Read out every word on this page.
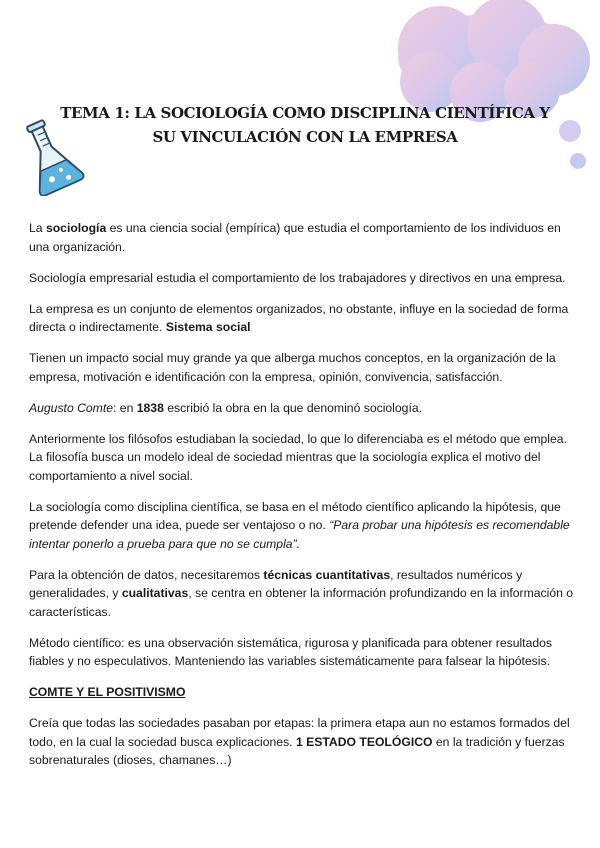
TEMA 1: LA SOCIOLOGÍA COMO DISCIPLINA CIENTÍFICA Y
SU VINCULACIÓN CON LA EMPRESA

La sociología es una ciencia social (empírica) que estudia el comportamiento de los individuos en una organización.

Sociología empresarial estudia el comportamiento de los trabajadores y directivos en una empresa.

La empresa es un conjunto de elementos organizados, no obstante, influye en la sociedad de forma directa o indirectamente. Sistema social

Tienen un impacto social muy grande ya que alberga muchos conceptos, en la organización de la empresa, motivación e identificación con la empresa, opinión, convivencia, satisfacción.

Augusto Comte: en 1838 escribió la obra en la que denominó sociología.

Anteriormente los filósofos estudiaban la sociedad, lo que lo diferenciaba es el método que emplea. La filosofía busca un modelo ideal de sociedad mientras que la sociología explica el motivo del comportamiento a nivel social.

La sociología como disciplina científica, se basa en el método científico aplicando la hipótesis, que pretende defender una idea, puede ser ventajoso o no. “Para probar una hipótesis es recomendable intentar ponerlo a prueba para que no se cumpla”.

Para la obtención de datos, necesitaremos técnicas cuantitativas, resultados numéricos y generalidades, y cualitativas, se centra en obtener la información profundizando en la información o características.

Método científico: es una observación sistemática, rigurosa y planificada para obtener resultados fiables y no especulativos. Manteniendo las variables sistemáticamente para falsear la hipótesis.

COMTE Y EL POSITIVISMO

Creía que todas las sociedades pasaban por etapas: la primera etapa aun no estamos formados del todo, en la cual la sociedad busca explicaciones. 1 ESTADO TEOLÓGICO en la tradición y fuerzas sobrenaturales (dioses, chamanes…)
